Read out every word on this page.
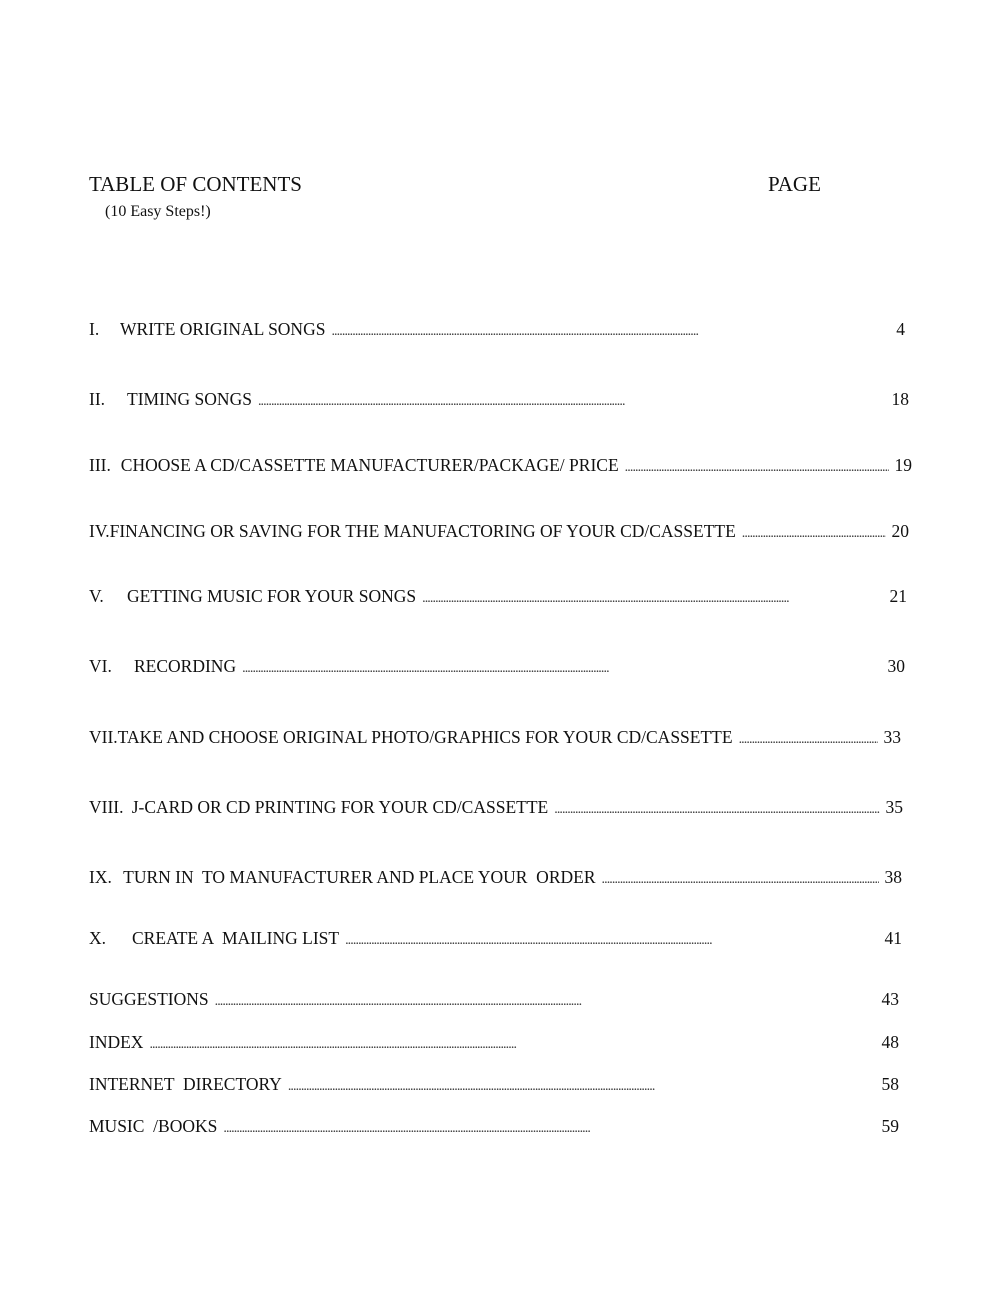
TABLE OF CONTENTS	PAGE
(10 Easy Steps!)
I.	WRITE ORIGINAL SONGS . . .	4
II.	TIMING SONGS . . .	18
III. CHOOSE A CD/CASSETTE MANUFACTURER/PACKAGE/ PRICE . . .	19
IV. FINANCING OR SAVING FOR THE MANUFACTORING OF YOUR CD/CASSETTE . . .	20
V.	GETTING MUSIC FOR YOUR SONGS . . .	21
VI.	RECORDING . . .	30
VII. TAKE AND CHOOSE ORIGINAL PHOTO/GRAPHICS FOR YOUR CD/CASSETTE . . .	33
VIII. J-CARD OR CD PRINTING FOR YOUR CD/CASSETTE . . .	35
IX. TURN IN  TO MANUFACTURER AND PLACE YOUR  ORDER . . .	38
X.	CREATE A  MAILING LIST . . .	41
SUGGESTIONS . . .	43
INDEX . . .	48
INTERNET  DIRECTORY . . .	58
MUSIC  /BOOKS . . .	59
